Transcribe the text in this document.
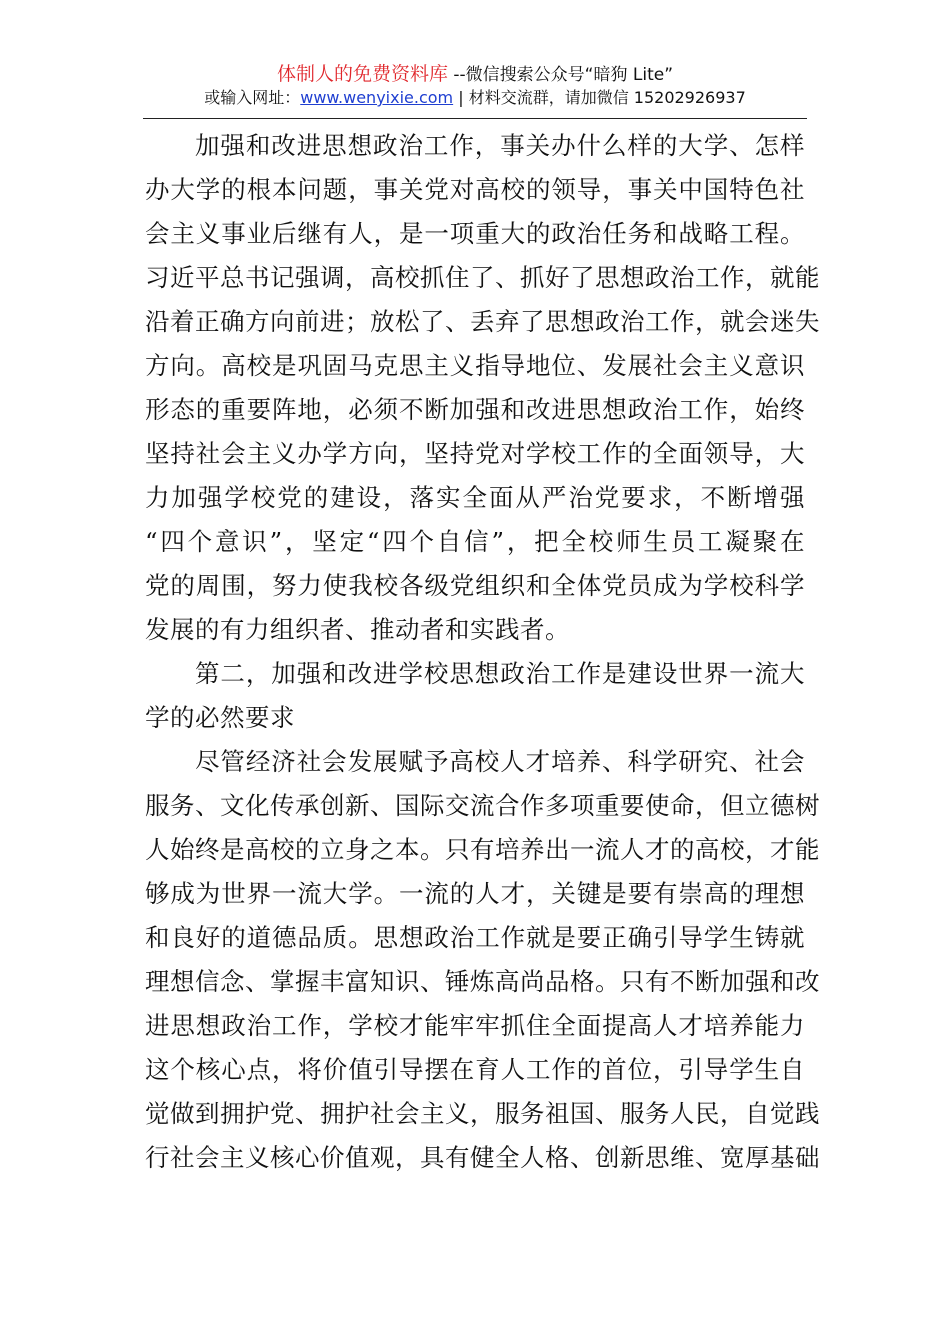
体制人的免费资料库 --微信搜索公众号“暗狗 Lite”
或输入网址：www.wenyixie.com | 材料交流群，请加微信 15202926937
加强和改进思想政治工作，事关办什么样的大学、怎样
办大学的根本问题，事关党对高校的领导，事关中国特色社
会主义事业后继有人，是一项重大的政治任务和战略工程。
习近平总书记强调，高校抓住了、抓好了思想政治工作，就能
沿着正确方向前进；放松了、丢弃了思想政治工作，就会迷失
方向。高校是巩固马克思主义指导地位、发展社会主义意识
形态的重要阵地，必须不断加强和改进思想政治工作，始终
坚持社会主义办学方向，坚持党对学校工作的全面领导，大
力加强学校党的建设，落实全面从严治党要求，不断增强
“四个意识”，坚定“四个自信”，把全校师生员工凝聚在
党的周围，努力使我校各级党组织和全体党员成为学校科学
发展的有力组织者、推动者和实践者。
第二，加强和改进学校思想政治工作是建设世界一流大
学的必然要求
尽管经济社会发展赋予高校人才培养、科学研究、社会
服务、文化传承创新、国际交流合作多项重要使命，但立德树
人始终是高校的立身之本。只有培养出一流人才的高校，才能
够成为世界一流大学。一流的人才，关键是要有崇高的理想
和良好的道德品质。思想政治工作就是要正确引导学生铸就
理想信念、掌握丰富知识、锤炼高尚品格。只有不断加强和改
进思想政治工作，学校才能牢牢抓住全面提高人才培养能力
这个核心点，将价值引导摆在育人工作的首位，引导学生自
觉做到拥护党、拥护社会主义，服务祖国、服务人民，自觉践
行社会主义核心价值观，具有健全人格、创新思维、宽厚基础
